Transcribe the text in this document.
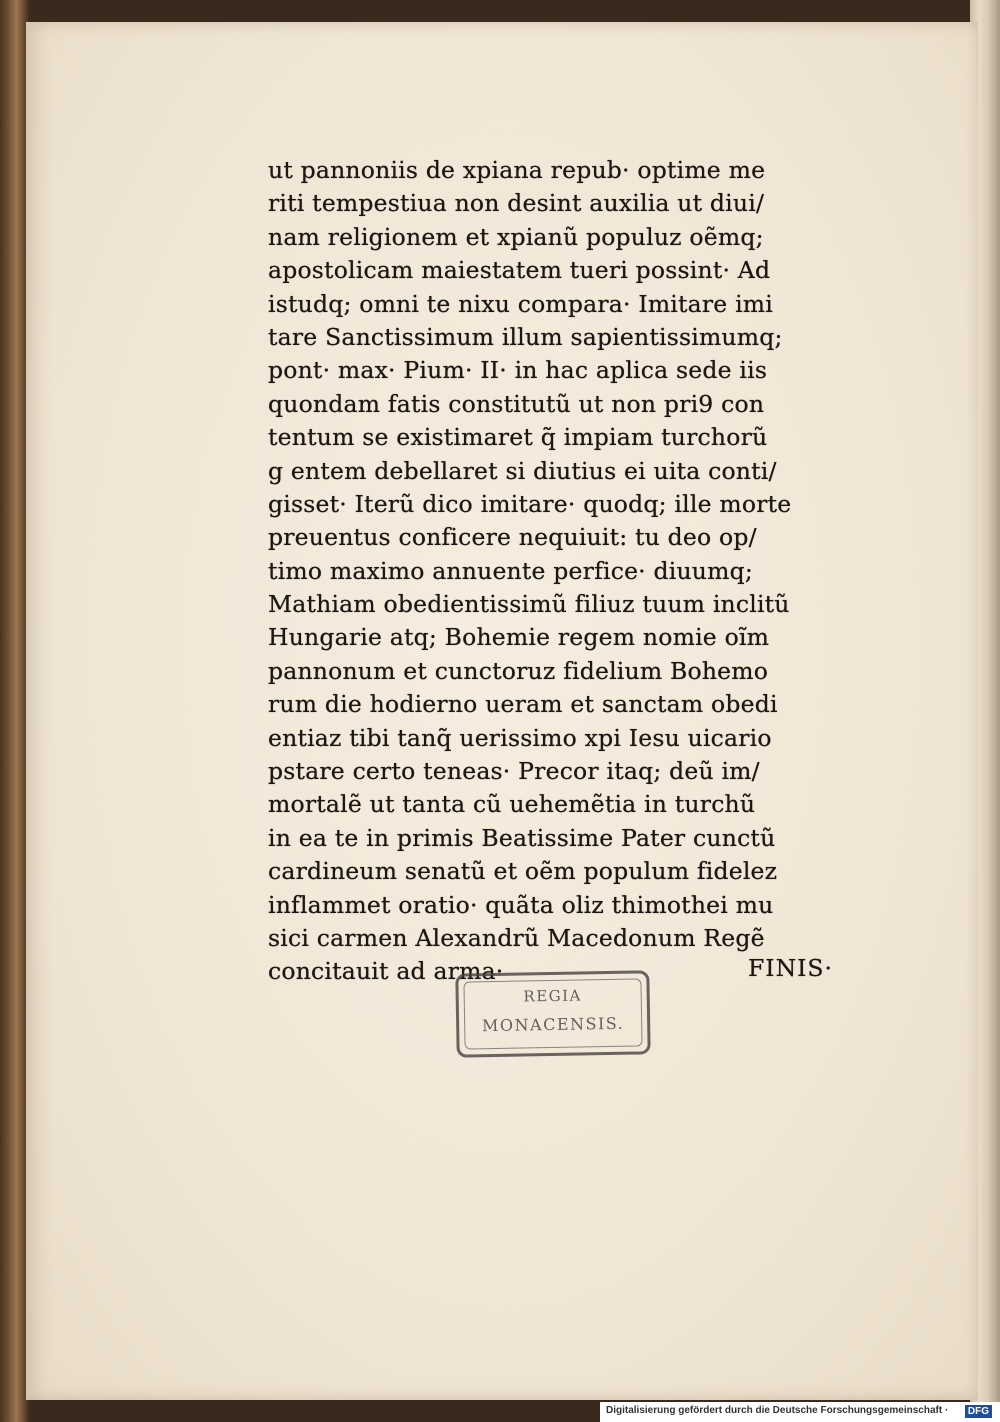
ut pannoniis de xpiana repub· optime me
riti tempestiua non desint auxilia ut diui/
nam religionem et xpianũ populuz oẽmq;
apostolicam maiestatem tueri possint· Ad
istudq; omni te nixu compara· Imitare imi
tare Sanctissimum illum sapientissimumq;
pont· max· Pium· II· in hac aplica sede iis
quondam fatis constitutũ ut non pri9 con
tentum se existimaret q̃ impiam turchorũ
g entem debellaret si diutius ei uita conti/
gisset· Iterũ dico imitare· quodq; ille morte
preuentus conficere nequiuit: tu deo op/
timo maximo annuente perfice· diuumq;
Mathiam obedientissimũ filiuz tuum inclitũ
Hungarie atq; Bohemie regem nomie oĩm
pannonum et cunctoruz fidelium Bohemo
rum die hodierno ueram et sanctam obedi
entiaz tibi tanq̃ uerissimo xpi Iesu uicario
pstare certo teneas· Precor itaq; deũ im/
mortalẽ ut tanta cũ uehemẽtia in turchũ
in ea te in primis Beatissime Pater cunctũ
cardineum senatũ et oẽm populum fidelez
inflammet oratio· quãta oliz thimothei mu
sici carmen Alexandrũ Macedonum Regẽ
concitauit ad arma·	FINIS·
REGIA
MONACENSIS.
Digitalisierung gefördert durch die Deutsche Forschungsgemeinschaft ·	DFG
